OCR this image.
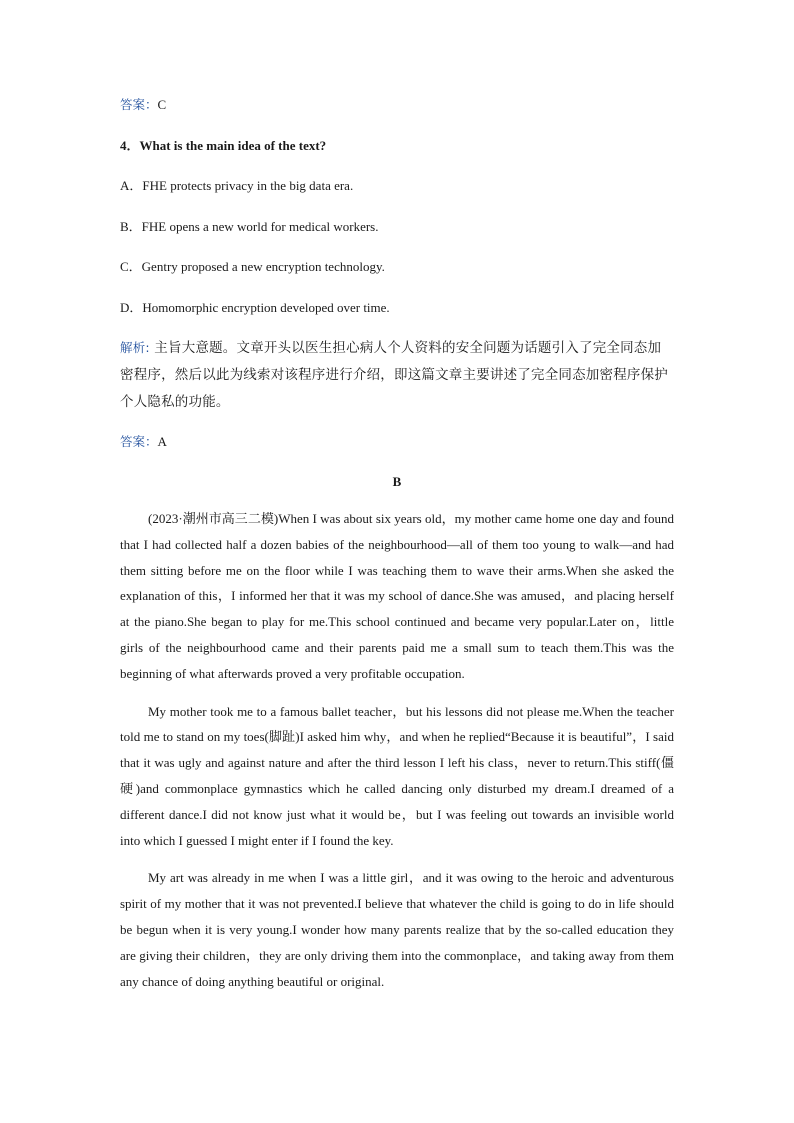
答案：C

4．What is the main idea of the text?

A．FHE protects privacy in the big data era.

B．FHE opens a new world for medical workers.

C．Gentry proposed a new encryption technology.

D．Homomorphic encryption developed over time.

解析: 主旨大意题。文章开头以医生担心病人个人资料的安全问题为话题引入了完全同态加密程序，然后以此为线索对该程序进行介绍，即这篇文章主要讲述了完全同态加密程序保护个人隐私的功能。

答案：A

B

(2023·潮州市高三二模)When I was about six years old，my mother came home one day and found that I had collected half a dozen babies of the neighbourhood—all of them too young to walk—and had them sitting before me on the floor while I was teaching them to wave their arms.When she asked the explanation of this，I informed her that it was my school of dance.She was amused，and placing herself at the piano.She began to play for me.This school continued and became very popular.Later on，little girls of the neighbourhood came and their parents paid me a small sum to teach them.This was the beginning of what afterwards proved a very profitable occupation.

My mother took me to a famous ballet teacher，but his lessons did not please me.When the teacher told me to stand on my toes(脚趾)I asked him why，and when he replied“Because it is beautiful”，I said that it was ugly and against nature and after the third lesson I left his class，never to return.This stiff(僵硬)and commonplace gymnastics which he called dancing only disturbed my dream.I dreamed of a different dance.I did not know just what it would be，but I was feeling out towards an invisible world into which I guessed I might enter if I found the key.

My art was already in me when I was a little girl，and it was owing to the heroic and adventurous spirit of my mother that it was not prevented.I believe that whatever the child is going to do in life should be begun when it is very young.I wonder how many parents realize that by the so-called education they are giving their children，they are only driving them into the commonplace，and taking away from them any chance of doing anything beautiful or original.
